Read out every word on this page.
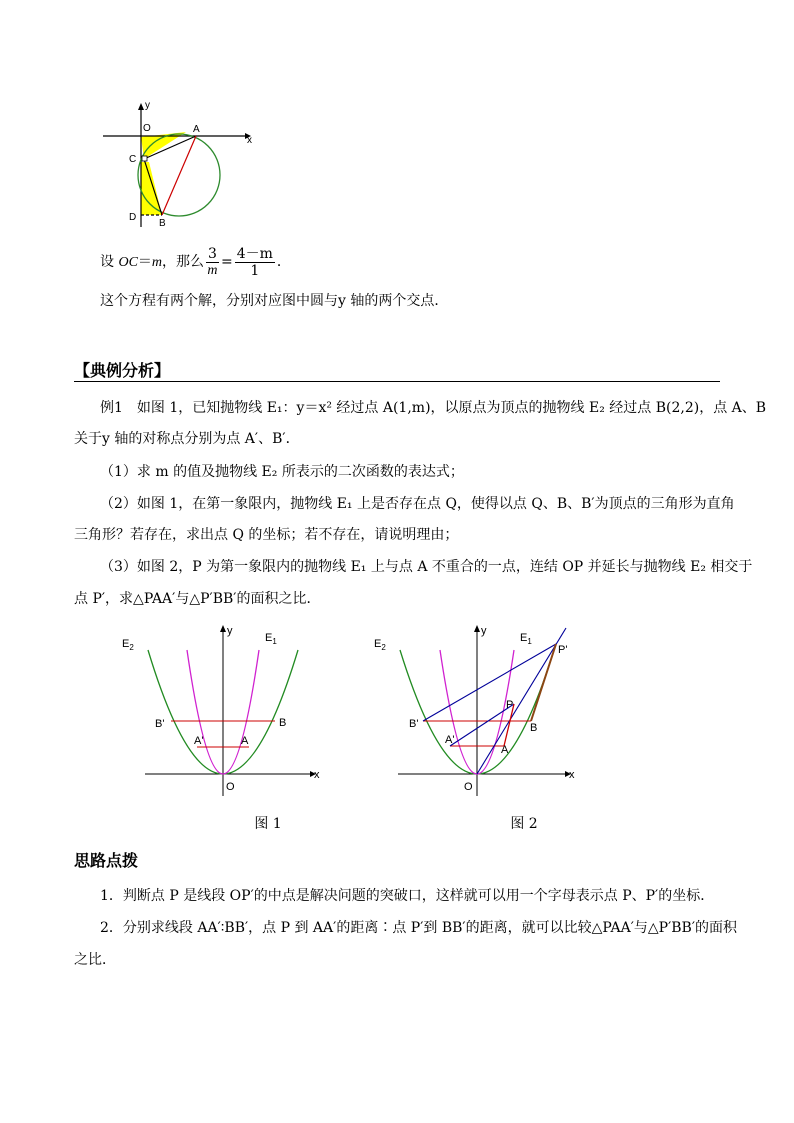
y
x
O	A
C
D
B
设 OC＝m，那么 $\frac{3}{m} = \frac{4-m}{1}$ ．
这个方程有两个解，分别对应图中圆与y 轴的两个交点．
【典例分析】
例1　如图 1，已知抛物线 E₁：y＝x² 经过点 A(1,m)，以原点为顶点的抛物线 E₂ 经过点 B(2,2)，点 A、B
关于y 轴的对称点分别为点 A′、B′．
（1）求 m 的值及抛物线 E₂ 所表示的二次函数的表达式；
（2）如图 1，在第一象限内，抛物线 E₁ 上是否存在点 Q，使得以点 Q、B、B′为顶点的三角形为直角
三角形？若存在，求出点 Q 的坐标；若不存在，请说明理由；
（3）如图 2，P 为第一象限内的抛物线 E₁ 上与点 A 不重合的一点，连结 OP 并延长与抛物线 E₂ 相交于
点 P′，求△PAA′与△P′BB′的面积之比．
$E_2$
$E_1$
y
x
O
B
B'
A
A'
图 1
$E_2$
$E_1$
y
x
O
B
B'
A
A'
P
P'
图 2
思路点拨
1．判断点 P 是线段 OP′的中点是解决问题的突破口，这样就可以用一个字母表示点 P、P′的坐标．
2．分别求线段 AA′∶BB′，点 P 到 AA′的距离∶点 P′到 BB′的距离，就可以比较△PAA′与△P′BB′的面积
之比．
